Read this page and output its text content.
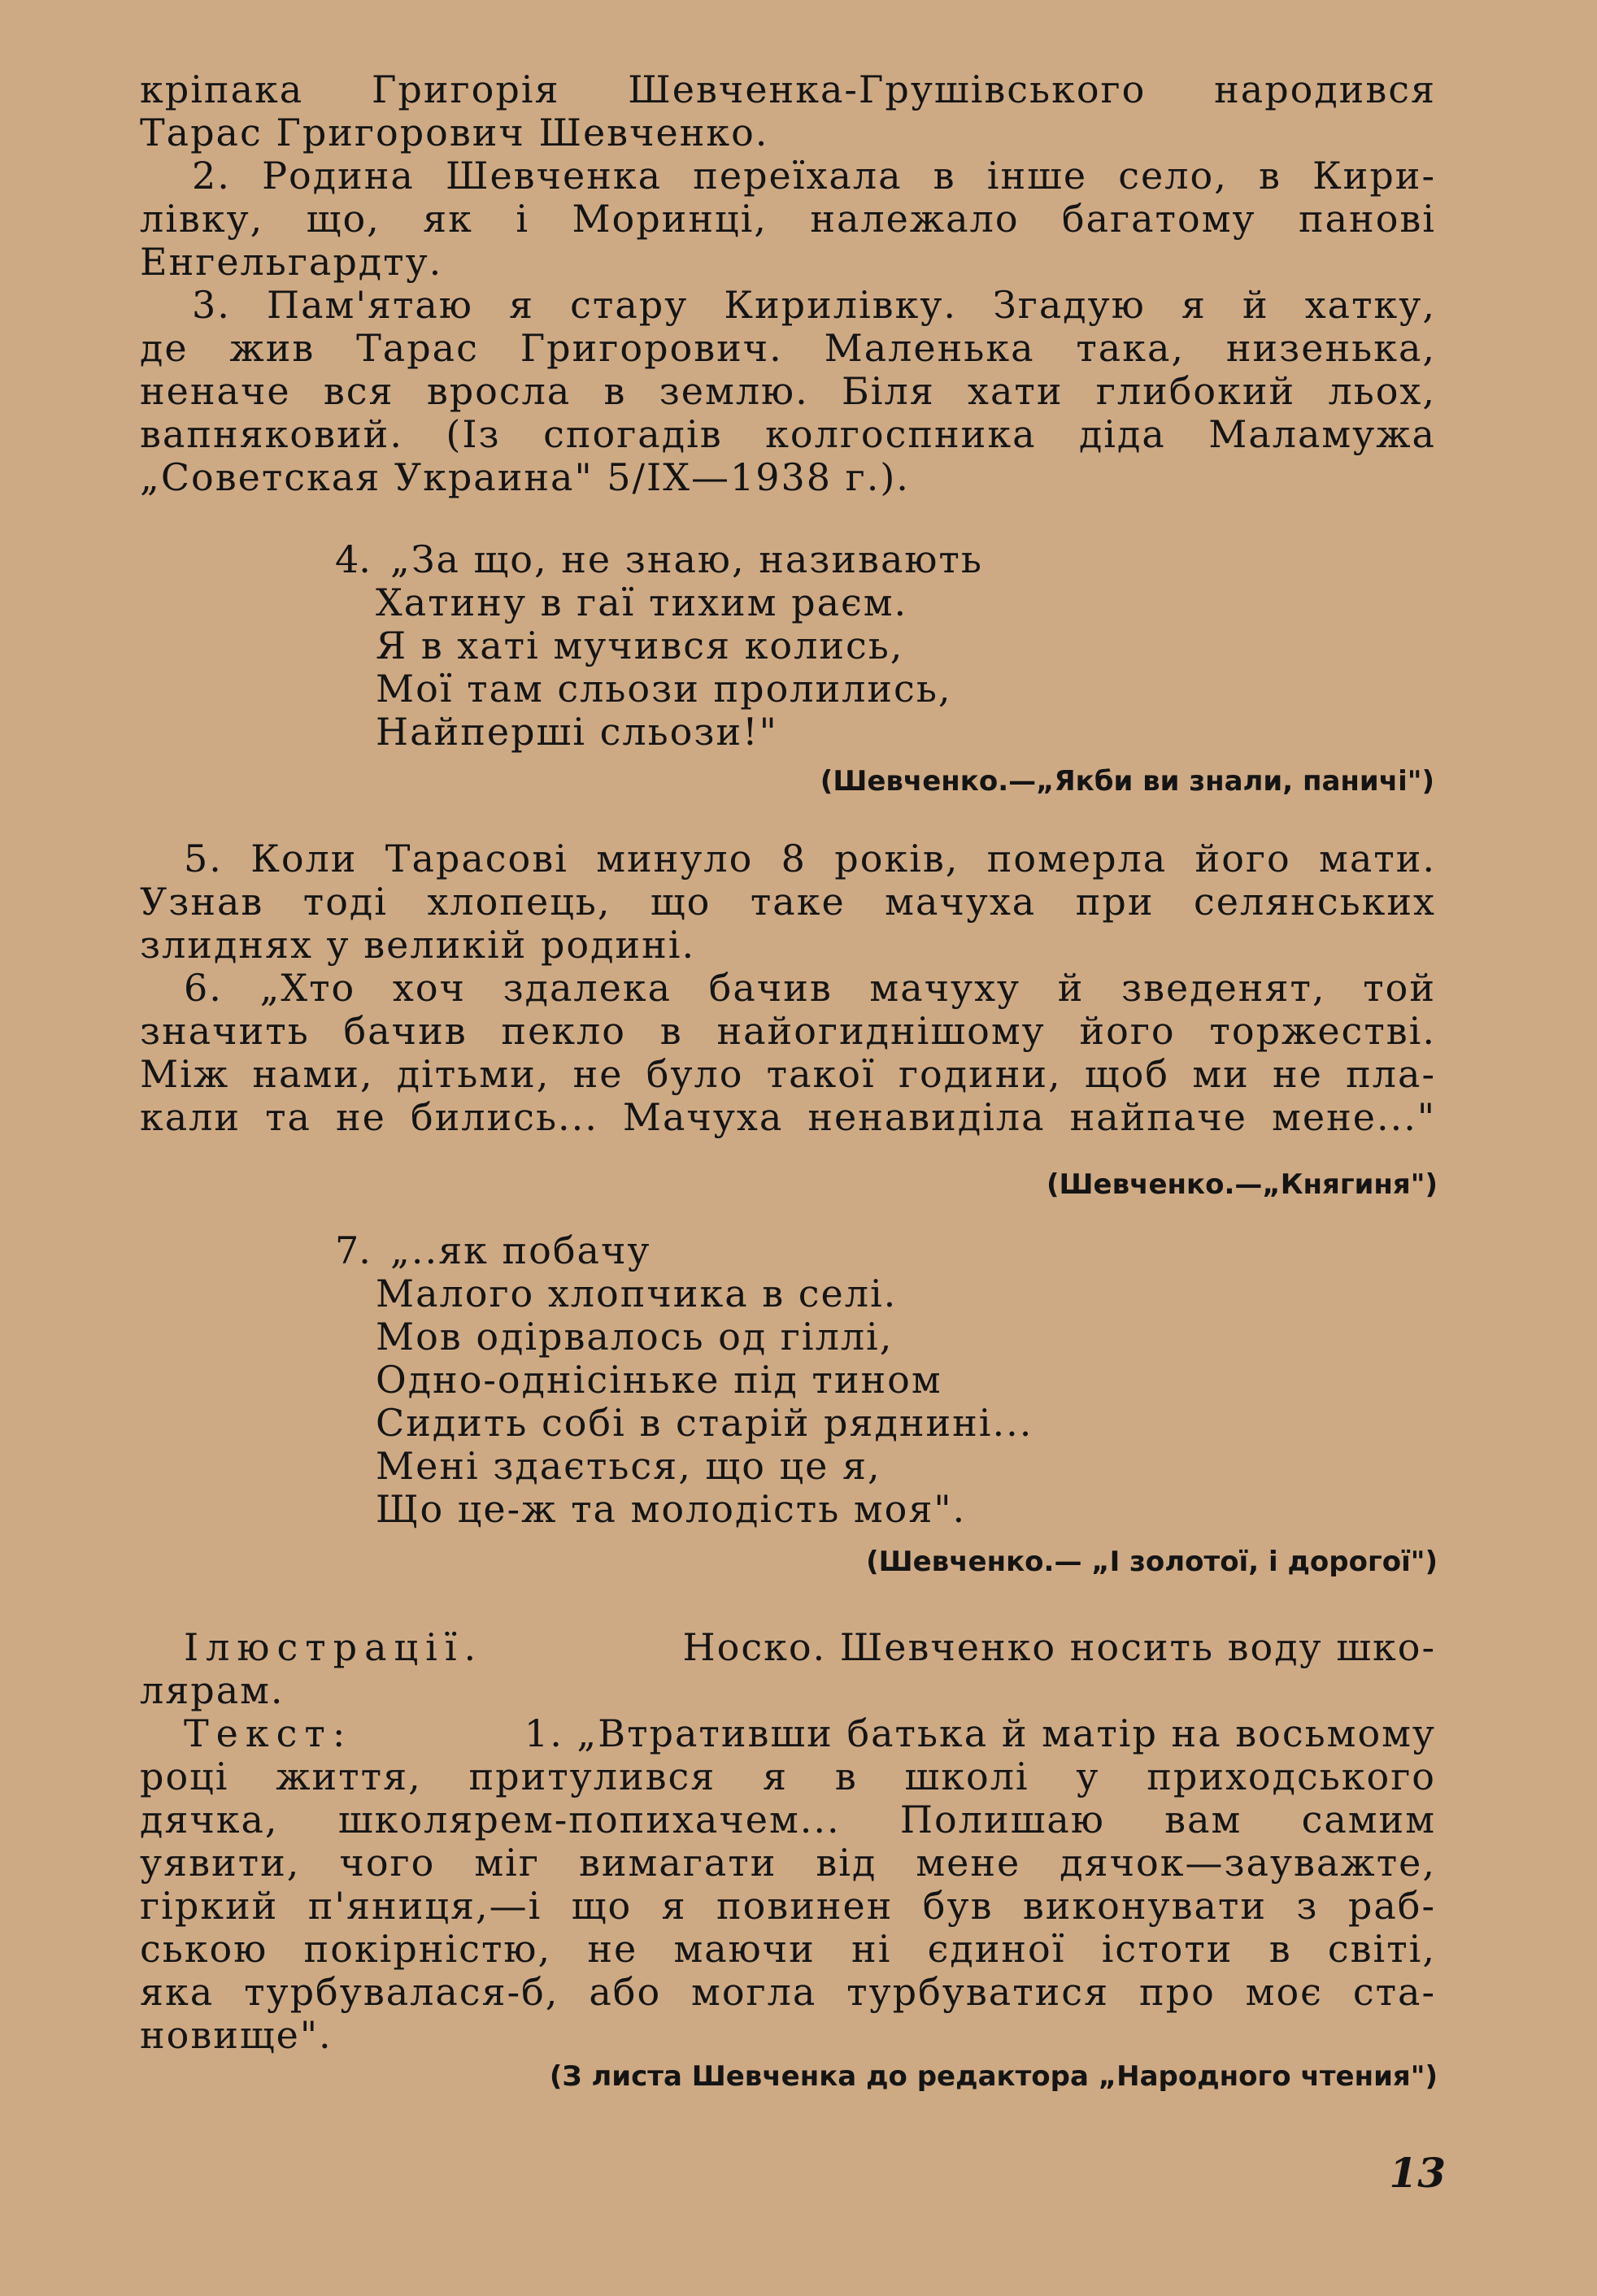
кріпака Григорія Шевченка-Грушівського народився
Тарас Григорович Шевченко.
2. Родина Шевченка переїхала в інше село, в Кири-
лівку, що, як і Моринці, належало багатому панові
Енгельгардту.
3. Пам'ятаю я стару Кирилівку. Згадую я й хатку,
де жив Тарас Григорович. Маленька така, низенька,
неначе вся вросла в землю. Біля хати глибокий льох,
вапняковий. (Із спогадів колгоспника діда Маламужа
„Советская Украина" 5/IX—1938 г.).
4. „За що, не знаю, називають
Хатину в гаї тихим раєм.
Я в хаті мучився колись,
Мої там сльози пролились,
Найперші сльози!"
(Шевченко.—„Якби ви знали, паничі")
5. Коли Тарасові минуло 8 років, померла його мати.
Узнав тоді хлопець, що таке мачуха при селянських
злиднях у великій родині.
6. „Хто хоч здалека бачив мачуху й зведенят, той
значить бачив пекло в найогиднішому його торжестві.
Між нами, дітьми, не було такої години, щоб ми не пла-
кали та не бились... Мачуха ненавиділа найпаче мене..."
(Шевченко.—„Княгиня")
7. „..як побачу
Малого хлопчика в селі.
Мов одірвалось од гіллі,
Одно-однісіньке під тином
Сидить собі в старій ряднині...
Мені здається, що це я,
Що це-ж та молодість моя".
(Шевченко.— „І золотої, і дорогої")
Ілюстрації.	Носко. Шевченко носить воду шко-
лярам.
Текст:	1. „Втративши батька й матір на восьмому
році життя, притулився я в школі у приходського
дячка, школярем-попихачем... Полишаю вам самим
уявити, чого міг вимагати від мене дячок—зауважте,
гіркий п'яниця,—і що я повинен був виконувати з раб-
ською покірністю, не маючи ні єдиної істоти в світі,
яка турбувалася-б, або могла турбуватися про моє ста-
новище".
(З листа Шевченка до редактора „Народного чтения")
13
